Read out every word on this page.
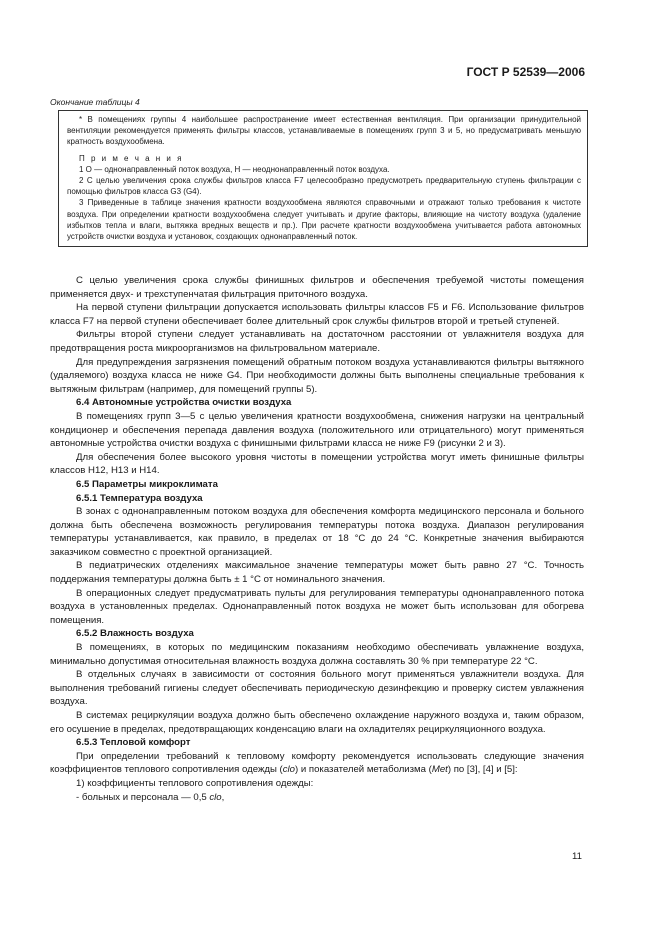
ГОСТ Р 52539—2006
Окончание таблицы 4

* В помещениях группы 4 наибольшее распространение имеет естественная вентиляция. При организации принудительной вентиляции рекомендуется применять фильтры классов, устанавливаемые в помещениях групп 3 и 5, но предусматривать меньшую кратность воздухообмена.

П р и м е ч а н и я

1 О — однонаправленный поток воздуха, Н — неоднонаправленный поток воздуха.

2 С целью увеличения срока службы фильтров класса F7 целесообразно предусмотреть предварительную ступень фильтрации с помощью фильтров класса G3 (G4).

3 Приведенные в таблице значения кратности воздухообмена являются справочными и отражают только требования к чистоте воздуха. При определении кратности воздухообмена следует учитывать и другие факторы, влияющие на чистоту воздуха (удаление избытков тепла и влаги, вытяжка вредных веществ и пр.). При расчете кратности воздухообмена учитывается работа автономных устройств очистки воздуха и установок, создающих однонаправленный поток.

С целью увеличения срока службы финишных фильтров и обеспечения требуемой чистоты помещения применяется двух- и трехступенчатая фильтрация приточного воздуха.

На первой ступени фильтрации допускается использовать фильтры классов F5 и F6. Использование фильтров класса F7 на первой ступени обеспечивает более длительный срок службы фильтров второй и третьей ступеней.

Фильтры второй ступени следует устанавливать на достаточном расстоянии от увлажнителя воздуха для предотвращения роста микроорганизмов на фильтровальном материале.

Для предупреждения загрязнения помещений обратным потоком воздуха устанавливаются фильтры вытяжного (удаляемого) воздуха класса не ниже G4. При необходимости должны быть выполнены специальные требования к вытяжным фильтрам (например, для помещений группы 5).

6.4 Автономные устройства очистки воздуха

В помещениях групп 3—5 с целью увеличения кратности воздухообмена, снижения нагрузки на центральный кондиционер и обеспечения перепада давления воздуха (положительного или отрицательного) могут применяться автономные устройства очистки воздуха с финишными фильтрами класса не ниже F9 (рисунки 2 и 3).

Для обеспечения более высокого уровня чистоты в помещении устройства могут иметь финишные фильтры классов Н12, Н13 и Н14.

6.5 Параметры микроклимата

6.5.1 Температура воздуха

В зонах с однонаправленным потоком воздуха для обеспечения комфорта медицинского персонала и больного должна быть обеспечена возможность регулирования температуры потока воздуха. Диапазон регулирования температуры устанавливается, как правило, в пределах от 18 °С до 24 °С. Конкретные значения выбираются заказчиком совместно с проектной организацией.

В педиатрических отделениях максимальное значение температуры может быть равно 27 °С. Точность поддержания температуры должна быть ± 1 °С от номинального значения.

В операционных следует предусматривать пульты для регулирования температуры однонаправленного потока воздуха в установленных пределах. Однонаправленный поток воздуха не может быть использован для обогрева помещения.

6.5.2 Влажность воздуха

В помещениях, в которых по медицинским показаниям необходимо обеспечивать увлажнение воздуха, минимально допустимая относительная влажность воздуха должна составлять 30 % при температуре 22 °С.

В отдельных случаях в зависимости от состояния больного могут применяться увлажнители воздуха. Для выполнения требований гигиены следует обеспечивать периодическую дезинфекцию и проверку систем увлажнения воздуха.

В системах рециркуляции воздуха должно быть обеспечено охлаждение наружного воздуха и, таким образом, его осушение в пределах, предотвращающих конденсацию влаги на охладителях рециркуляционного воздуха.

6.5.3 Тепловой комфорт

При определении требований к тепловому комфорту рекомендуется использовать следующие значения коэффициентов теплового сопротивления одежды (clo) и показателей метаболизма (Met) по [3], [4] и [5]:

1) коэффициенты теплового сопротивления одежды:

- больных и персонала — 0,5 clo,

11
